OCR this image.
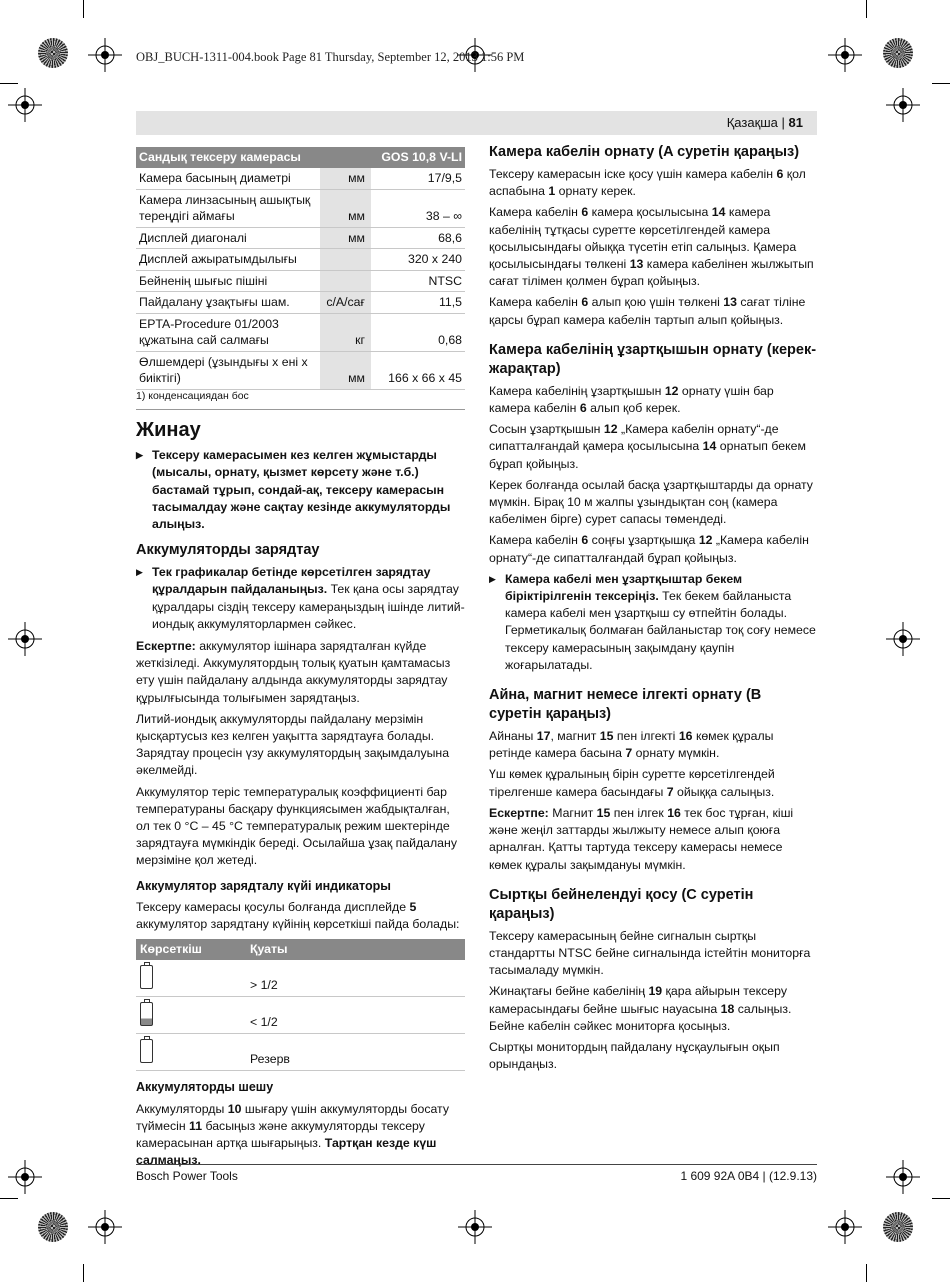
OBJ_BUCH-1311-004.book Page 81 Thursday, September 12, 2013 1:56 PM
Қазақша | 81
Сандық тексеру камерасы		GOS 10,8 V-LI
Камера басының диаметрі	мм	17/9,5
Камера линзасының ашықтық тереңдігі аймағы	мм	38 – ∞
Дисплей диагоналі	мм	68,6
Дисплей ажыратымдылығы		320 x 240
Бейненің шығыс пішіні		NTSC
Пайдалану ұзақтығы шам.	с/А/сағ	11,5
EPTA-Procedure 01/2003 құжатына сай салмағы	кг	0,68
Өлшемдері (ұзындығы x ені x биіктігі)	мм	166 x 66 x 45
1) конденсациядан бос
Жинау
▶ Тексеру камерасымен кез келген жұмыстарды (мысалы, орнату, қызмет көрсету және т.б.) бастамай тұрып, сондай-ақ, тексеру камерасын тасымалдау және сақтау кезінде аккумуляторды алыңыз.
Аккумуляторды зарядтау
▶ Тек графикалар бетінде көрсетілген зарядтау құралдарын пайдаланыңыз. Тек қана осы зарядтау құралдары сіздің тексеру камераңыздың ішінде литий-иондық аккумуляторлармен сәйкес.

Ескертпе: аккумулятор ішінара зарядталған күйде жеткізіледі. Аккумулятордың толық қуатын қамтамасыз ету үшін пайдалану алдында аккумуляторды зарядтау құрылғысында толығымен зарядтаңыз.

Литий-иондық аккумуляторды пайдалану мерзімін қысқартусыз кез келген уақытта зарядтауға болады. Зарядтау процесін үзу аккумулятордың зақымдалуына әкелмейді.

Аккумулятор теріс температуралық коэффициенті бар температураны басқару функциясымен жабдықталған, ол тек 0 °C – 45 °C температуралық режим шектерінде зарядтауға мүмкіндік береді. Осылайша ұзақ пайдалану мерзіміне қол жетеді.

Аккумулятор зарядталу күйі индикаторы

Тексеру камерасы қосулы болғанда дисплейде 5 аккумулятор зарядтану күйінің көрсеткіші пайда болады:

Көрсеткіш	Қуаты
	> 1/2
	< 1/2
	Резерв
Аккумуляторды шешу

Аккумуляторды 10 шығару үшін аккумуляторды босату түймесін 11 басыңыз және аккумуляторды тексеру камерасынан артқа шығарыңыз. Тартқан кезде күш салмаңыз.

Камера кабелін орнату (A суретін қараңыз)

Тексеру камерасын іске қосу үшін камера кабелін 6 қол аспабына 1 орнату керек.

Камера кабелін 6 камера қосылысына 14 камера кабелінің тұтқасы суретте көрсетілгендей камера қосылысындағы ойыққа түсетін етіп салыңыз. Қамера қосылысындағы төлкені 13 камера кабелінен жылжытып сағат тілімен қолмен бұрап қойыңыз.

Камера кабелін 6 алып қою үшін төлкені 13 сағат тіліне қарсы бұрап камера кабелін тартып алып қойыңыз.

Камера кабелінің ұзартқышын орнату (керек-жарақтар)

Камера кабелінің ұзартқышын 12 орнату үшін бар камера кабелін 6 алып қоб керек.

Сосын ұзартқышын 12 „Камера кабелін орнату“-де сипатталғандай қамера қосылысына 14 орнатып бекем бұрап қойыңыз.

Керек болғанда осылай басқа ұзартқыштарды да орнату мүмкін. Бірақ 10 м жалпы ұзындықтан соң (камера кабелімен бірге) сурет сапасы төмендеді.

Камера кабелін 6 соңғы ұзартқышқа 12 „Камера кабелін орнату“-де сипатталғандай бұрап қойыңыз.

▶ Камера кабелі мен ұзартқыштар бекем біріктірілгенін тексеріңіз. Тек бекем байланыста камера кабелі мен ұзартқыш су өтпейтін болады. Герметикалық болмаған байланыстар тоқ соғу немесе тексеру камерасының зақымдану қаупін жоғарылатады.
Айна, магнит немесе ілгекті орнату (B суретін қараңыз)

Айнаны 17, магнит 15 пен ілгекті 16 көмек құралы ретінде камера басына 7 орнату мүмкін.

Үш көмек құралының бірін суретте көрсетілгендей тірелгенше камера басындағы 7 ойыққа салыңыз.

Ескертпе: Магнит 15 пен ілгек 16 тек бос тұрған, кіші және жеңіл заттарды жылжыту немесе алып қоюға арналған. Қатты тартуда тексеру камерасы немесе көмек құралы зақымдануы мүмкін.

Сыртқы бейнелендуі қосу (C суретін қараңыз)

Тексеру камерасының бейне сигналын сыртқы стандартты NTSC бейне сигналында істейтін мониторға тасымаладу мүмкін.

Жинақтағы бейне кабелінің 19 қара айырын тексеру камерасындағы бейне шығыс науасына 18 салыңыз. Бейне кабелін сәйкес мониторға қосыңыз.

Сыртқы монитордың пайдалану нұсқаулығын оқып орындаңыз.

Bosch Power Tools	1 609 92A 0B4 | (12.9.13)
